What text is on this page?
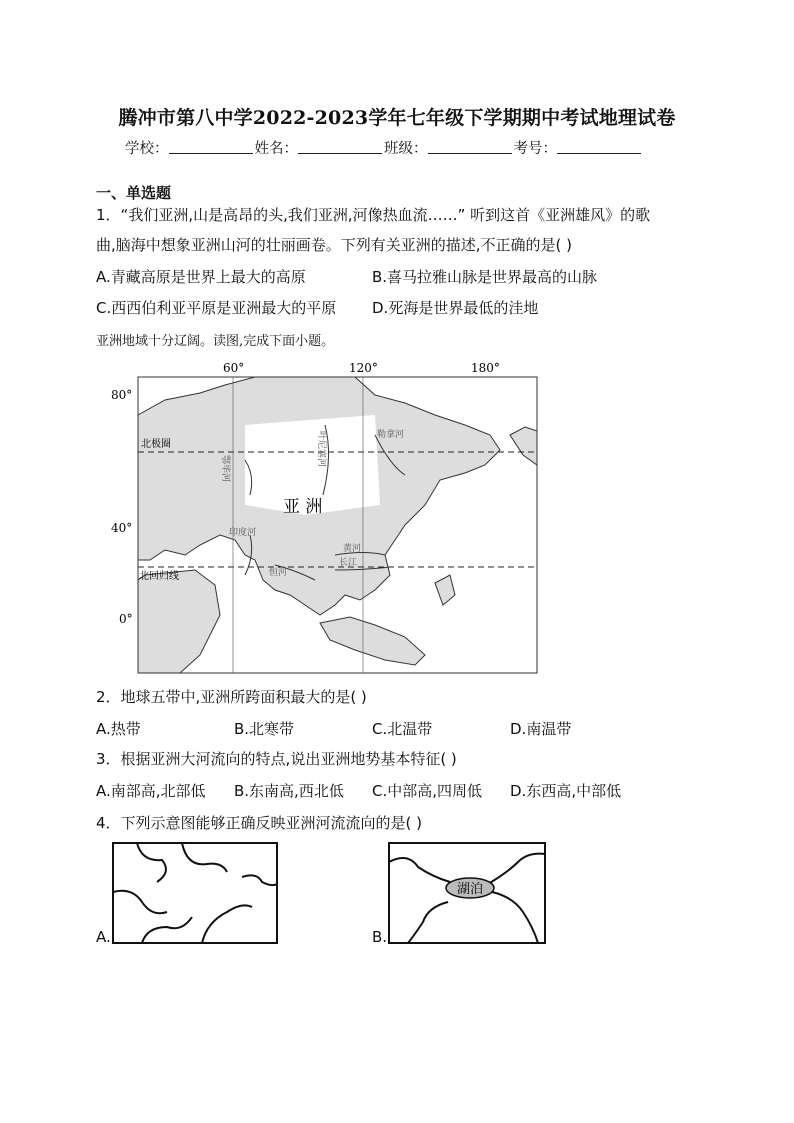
腾冲市第八中学2022-2023学年七年级下学期期中考试地理试卷
学校：	姓名：	班级：	考号：
一、单选题
1．“我们亚洲,山是高昂的头,我们亚洲,河像热血流……” 听到这首《亚洲雄风》的歌
曲,脑海中想象亚洲山河的壮丽画卷。下列有关亚洲的描述,不正确的是( )
A.青藏高原是世界上最大的高原	B.喜马拉雅山脉是世界最高的山脉
C.西西伯利亚平原是亚洲最大的平原 D.死海是世界最低的洼地
亚洲地域十分辽阔。读图,完成下面小题。
60°	120°	180°
80°
40°
0°
北极圈
北回归线
亚 洲
鄂毕河
叶尼塞河	勒拿河
印度河
恒河
黄河
长江
2．地球五带中,亚洲所跨面积最大的是( )
A.热带	B.北寒带	C.北温带	D.南温带
3．根据亚洲大河流向的特点,说出亚洲地势基本特征( )
A.南部高,北部低 B.东南高,西北低 C.中部高,四周低 D.东西高,中部低
4．下列示意图能够正确反映亚洲河流流向的是( )
A.	B.
湖泊
